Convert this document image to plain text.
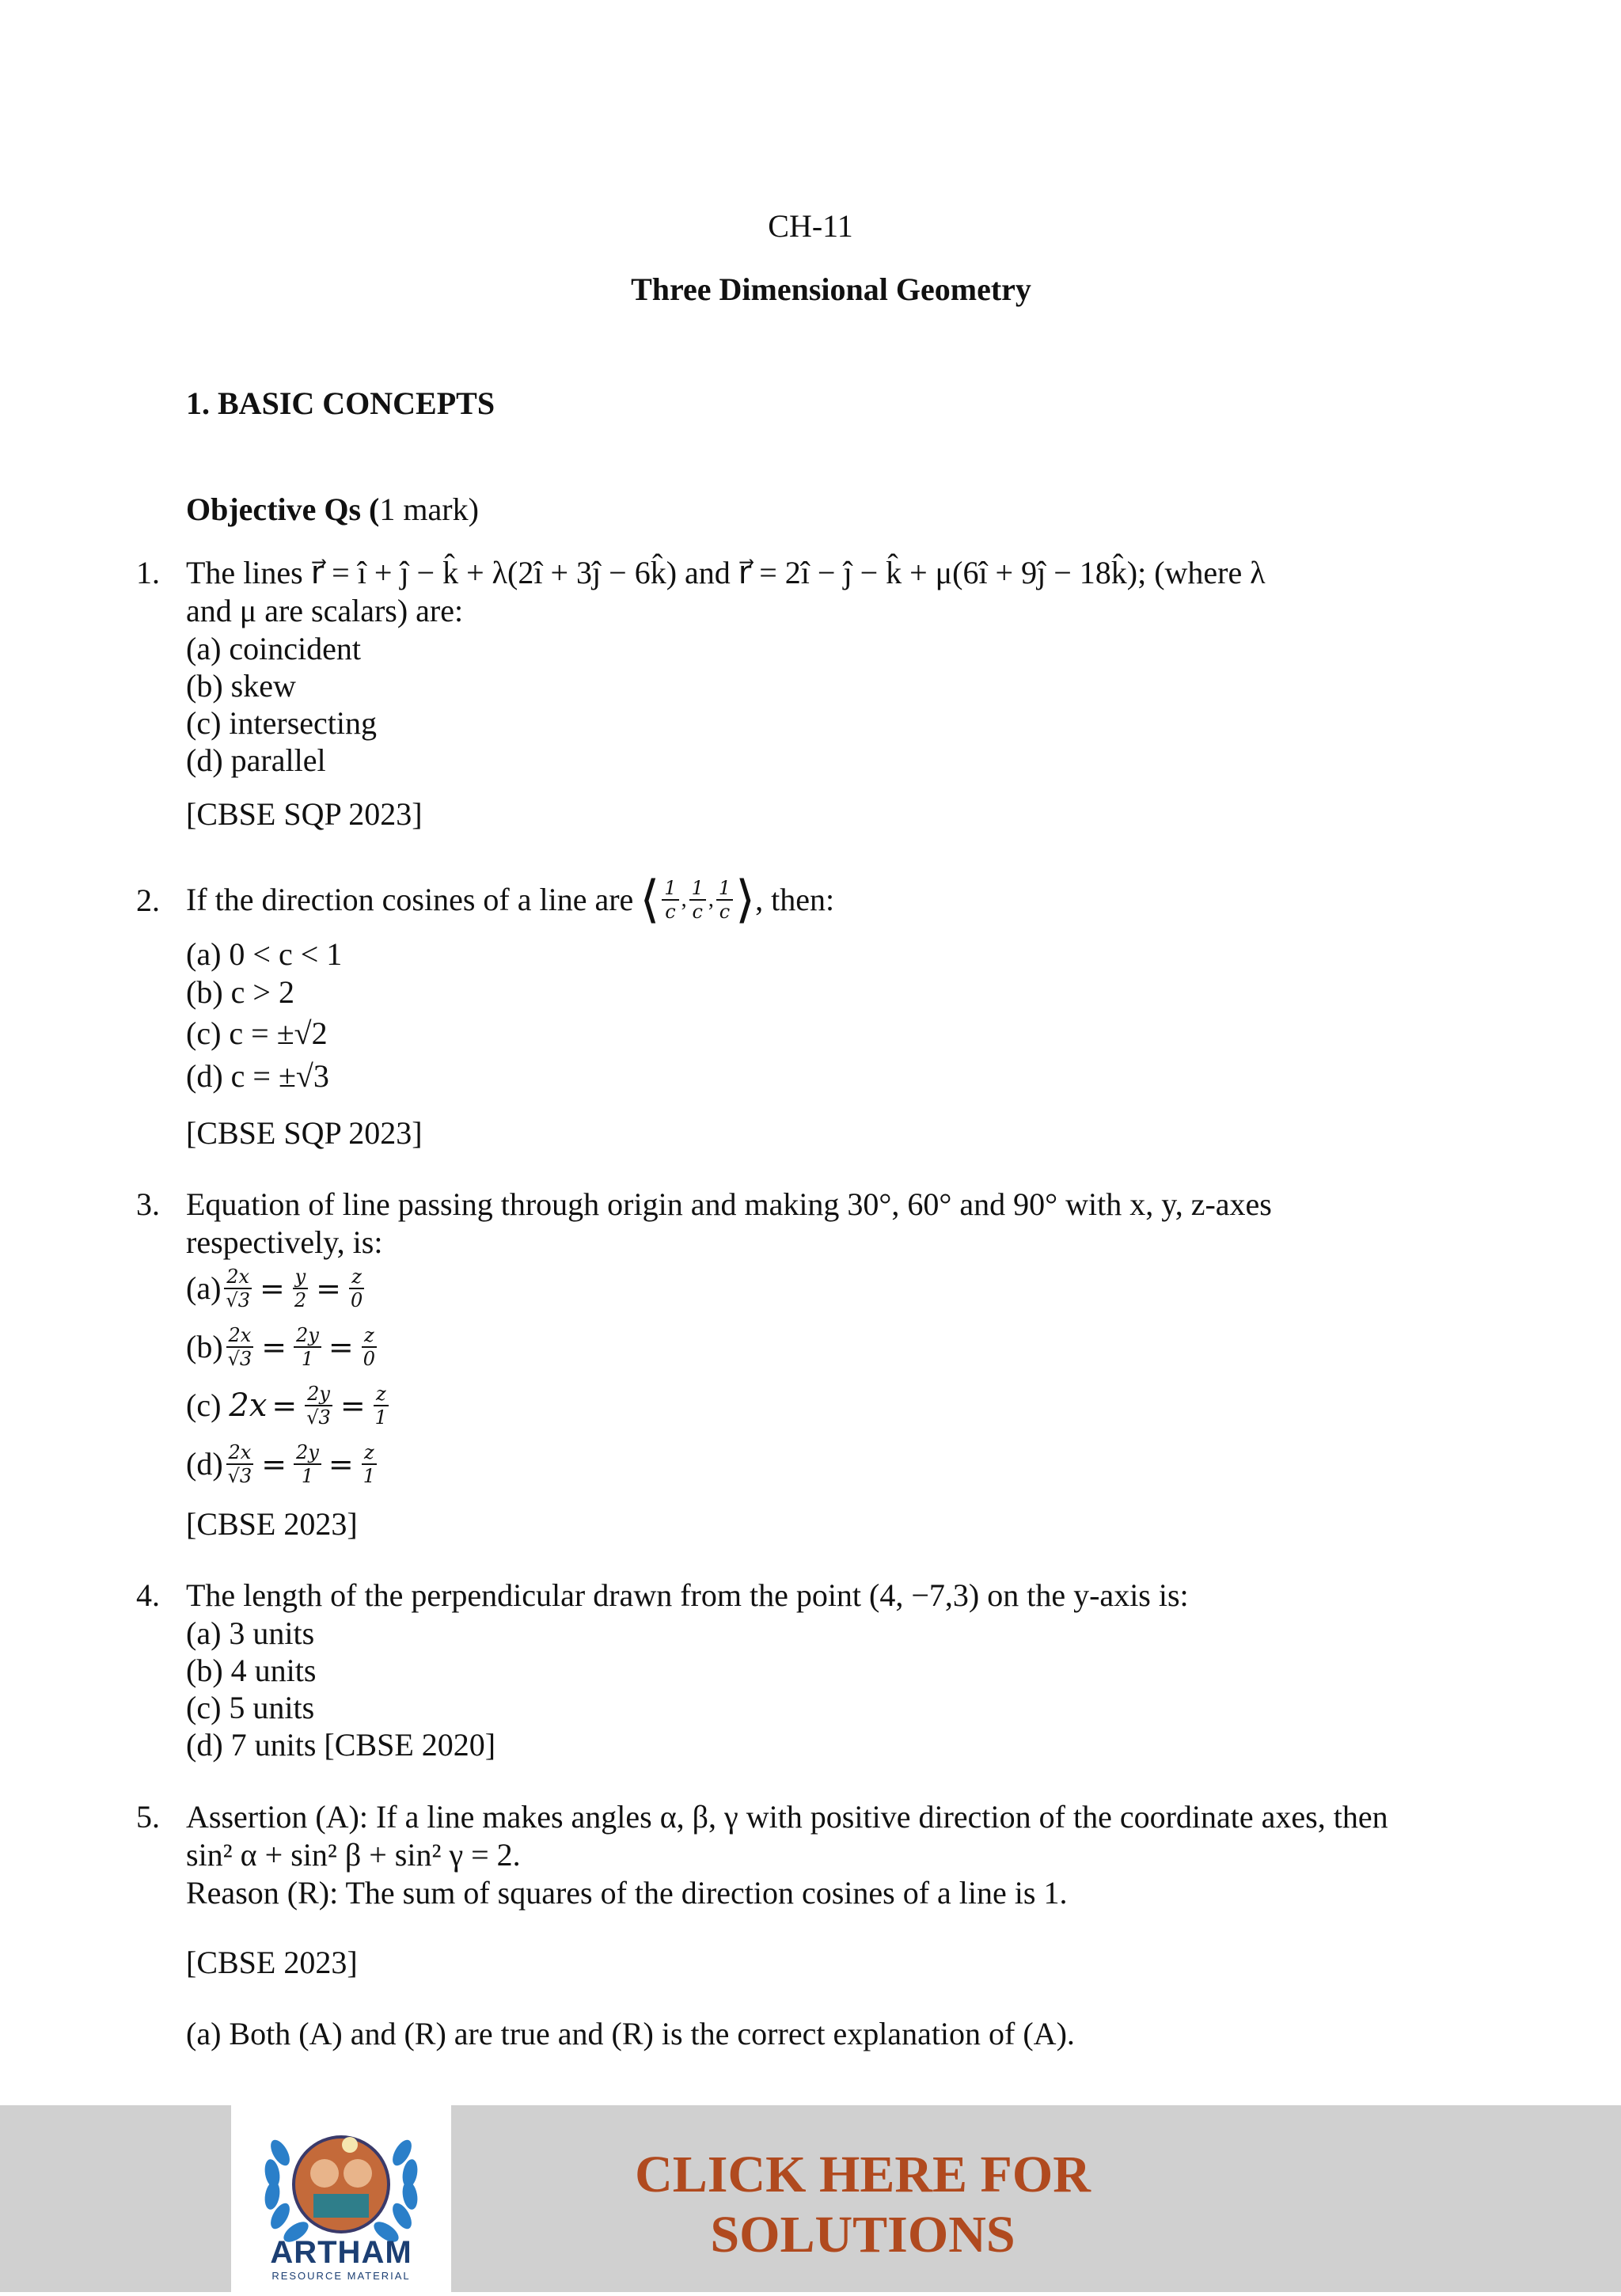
CH-11
Three Dimensional Geometry
1. BASIC CONCEPTS
Objective Qs (1 mark)
1. The lines r⃗ = î + ĵ − k̂ + λ(2î + 3ĵ − 6k̂) and r⃗ = 2î − ĵ − k̂ + μ(6î + 9ĵ − 18k̂); (where λ
and μ are scalars) are:
(a) coincident
(b) skew
(c) intersecting
(d) parallel
[CBSE SQP 2023]
2. If the direction cosines of a line are ⟨ $\frac{1}{c}$ , $\frac{1}{c}$ , $\frac{1}{c}$ ⟩ , then:
(a) 0 < c < 1
(b) c > 2
(c) c = ±√2
(d) c = ±√3
[CBSE SQP 2023]
3. Equation of line passing through origin and making 30°, 60° and 90° with x, y, z-axes
respectively, is:
$(a) \frac{2x}{√3} = \frac{y}{2} = \frac{z}{0}$
$(b) \frac{2x}{√3} = \frac{2y}{1} = \frac{z}{0}$
(c) $2x = \frac{2y}{√3} = \frac{z}{1}$
$(d) \frac{2x}{√3} = \frac{2y}{1} = \frac{z}{1}$
[CBSE 2023]
4. The length of the perpendicular drawn from the point (4, −7,3) on the y-axis is:
(a) 3 units
(b) 4 units
(c) 5 units
(d) 7 units [CBSE 2020]
5. Assertion (A): If a line makes angles α, β, γ with positive direction of the coordinate axes, then
sin² α + sin² β + sin² γ = 2.
Reason (R): The sum of squares of the direction cosines of a line is 1.
[CBSE 2023]
(a) Both (A) and (R) are true and (R) is the correct explanation of (A).
ARTHAM
RESOURCE MATERIAL
CLICK HERE FOR
SOLUTIONS
